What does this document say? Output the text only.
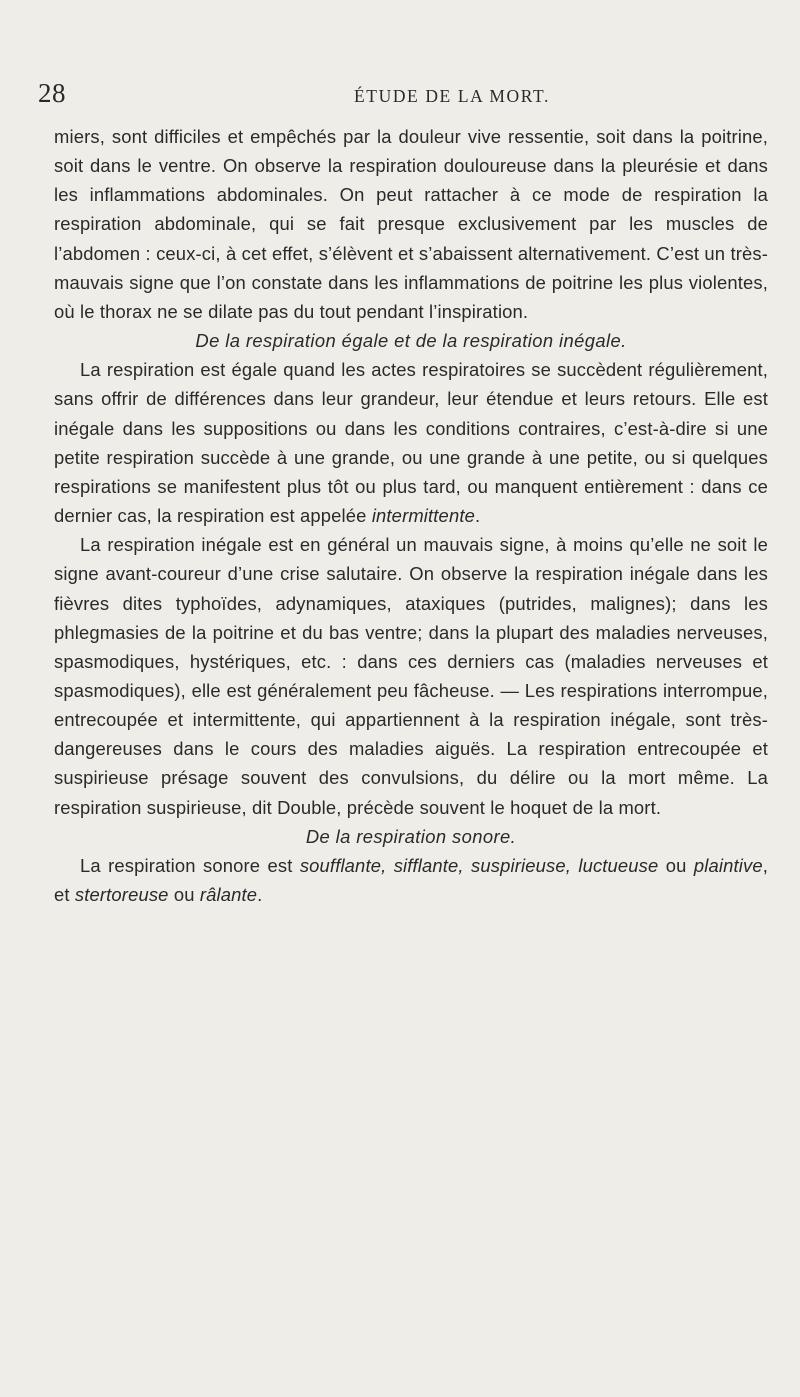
28	ÉTUDE DE LA MORT.

miers, sont difficiles et empêchés par la douleur vive ressentie, soit dans la poitrine, soit dans le ventre. On observe la respiration douloureuse dans la pleurésie et dans les inflammations abdominales. On peut rattacher à ce mode de respiration la respiration abdominale, qui se fait presque exclusivement par les muscles de l’abdomen : ceux-ci, à cet effet, s’élèvent et s’abaissent alternativement. C’est un très-mauvais signe que l’on constate dans les inflammations de poitrine les plus violentes, où le thorax ne se dilate pas du tout pendant l’inspiration.

De la respiration égale et de la respiration inégale.

La respiration est égale quand les actes respiratoires se succèdent régulièrement, sans offrir de différences dans leur grandeur, leur étendue et leurs retours. Elle est inégale dans les suppositions ou dans les conditions contraires, c’est-à-dire si une petite respiration succède à une grande, ou une grande à une petite, ou si quelques respirations se manifestent plus tôt ou plus tard, ou manquent entièrement : dans ce dernier cas, la respiration est appelée intermittente.

La respiration inégale est en général un mauvais signe, à moins qu’elle ne soit le signe avant-coureur d’une crise salutaire. On observe la respiration inégale dans les fièvres dites typhoïdes, adynamiques, ataxiques (putrides, malignes); dans les phlegmasies de la poitrine et du bas ventre; dans la plupart des maladies nerveuses, spasmodiques, hystériques, etc. : dans ces derniers cas (maladies nerveuses et spasmodiques), elle est généralement peu fâcheuse. — Les respirations interrompue, entrecoupée et intermittente, qui appartiennent à la respiration inégale, sont très-dangereuses dans le cours des maladies aiguës. La respiration entrecoupée et suspirieuse présage souvent des convulsions, du délire ou la mort même. La respiration suspirieuse, dit Double, précède souvent le hoquet de la mort.

De la respiration sonore.

La respiration sonore est soufflante, sifflante, suspirieuse, luctueuse ou plaintive, et stertoreuse ou râlante.
